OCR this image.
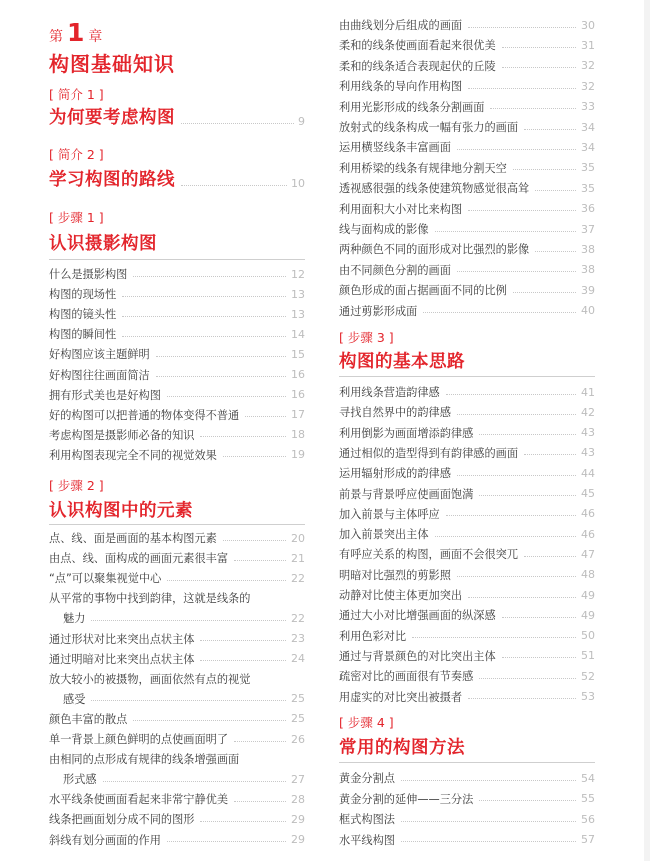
第 1 章
构图基础知识
[ 简介 1 ]
为何要考虑构图	9
[ 简介 2 ]
学习构图的路线	10
[ 步骤 1 ]
认识摄影构图
什么是摄影构图	12
构图的现场性	13
构图的镜头性	13
构图的瞬间性	14
好构图应该主题鲜明	15
好构图往往画面简洁	16
拥有形式美也是好构图	16
好的构图可以把普通的物体变得不普通	17
考虑构图是摄影师必备的知识	18
利用构图表现完全不同的视觉效果	19
[ 步骤 2 ]
认识构图中的元素
点、线、面是画面的基本构图元素	20
由点、线、面构成的画面元素很丰富	21
“点”可以聚集视觉中心	22
从平常的事物中找到韵律，这就是线条的
魅力	22
通过形状对比来突出点状主体	23
通过明暗对比来突出点状主体	24
放大较小的被摄物，画面依然有点的视觉
感受	25
颜色丰富的散点	25
单一背景上颜色鲜明的点使画面明了	26
由相同的点形成有规律的线条增强画面
形式感	27
水平线条使画面看起来非常宁静优美	28
线条把画面划分成不同的图形	29
斜线有划分画面的作用	29
由曲线划分后组成的画面	30
柔和的线条使画面看起来很优美	31
柔和的线条适合表现起伏的丘陵	32
利用线条的导向作用构图	32
利用光影形成的线条分割画面	33
放射式的线条构成一幅有张力的画面	34
运用横竖线条丰富画面	34
利用桥梁的线条有规律地分割天空	35
透视感很强的线条使建筑物感觉很高耸	35
利用面积大小对比来构图	36
线与面构成的影像	37
两种颜色不同的面形成对比强烈的影像	38
由不同颜色分割的画面	38
颜色形成的面占据画面不同的比例	39
通过剪影形成面	40
[ 步骤 3 ]
构图的基本思路
利用线条营造韵律感	41
寻找自然界中的韵律感	42
利用倒影为画面增添韵律感	43
通过相似的造型得到有韵律感的画面	43
运用辐射形成的韵律感	44
前景与背景呼应使画面饱满	45
加入前景与主体呼应	46
加入前景突出主体	46
有呼应关系的构图，画面不会很突兀	47
明暗对比强烈的剪影照	48
动静对比使主体更加突出	49
通过大小对比增强画面的纵深感	49
利用色彩对比	50
通过与背景颜色的对比突出主体	51
疏密对比的画面很有节奏感	52
用虚实的对比突出被摄者	53
[ 步骤 4 ]
常用的构图方法
黄金分割点	54
黄金分割的延伸——三分法	55
框式构图法	56
水平线构图	57
